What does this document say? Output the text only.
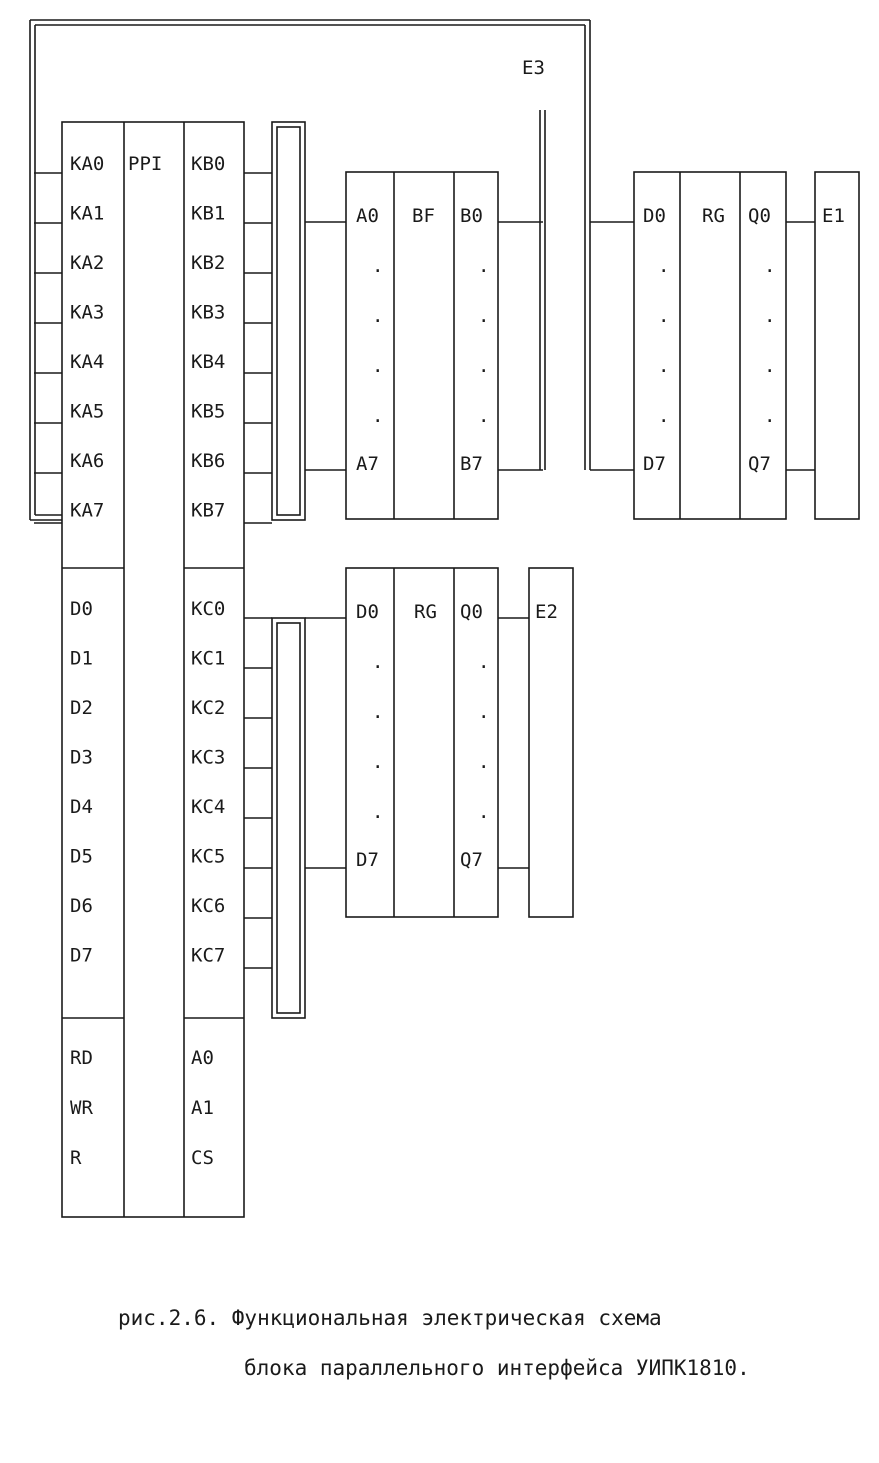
PPI
KA0
KA1
KA2
KA3
KA4
KA5
KA6
KA7
KB0
KB1
KB2
KB3
KB4
KB5
KB6
KB7
D0
D1
D2
D3
D4
D5
D6
D7
KC0
KC1
KC2
KC3
KC4
KC5
KC6
KC7
RD
WR
R
A0
A1
CS
BF
A0
.
.
.
.
A7
B0
.
.
.
.
B7
E3
RG
D0
.
.
.
.
D7
Q0
.
.
.
.
Q7
E1
RG
D0
.
.
.
.
D7
Q0
.
.
.
.
Q7
E2
рис.2.6. Функциональная электрическая схема
блока параллельного интерфейса УИПК1810.
